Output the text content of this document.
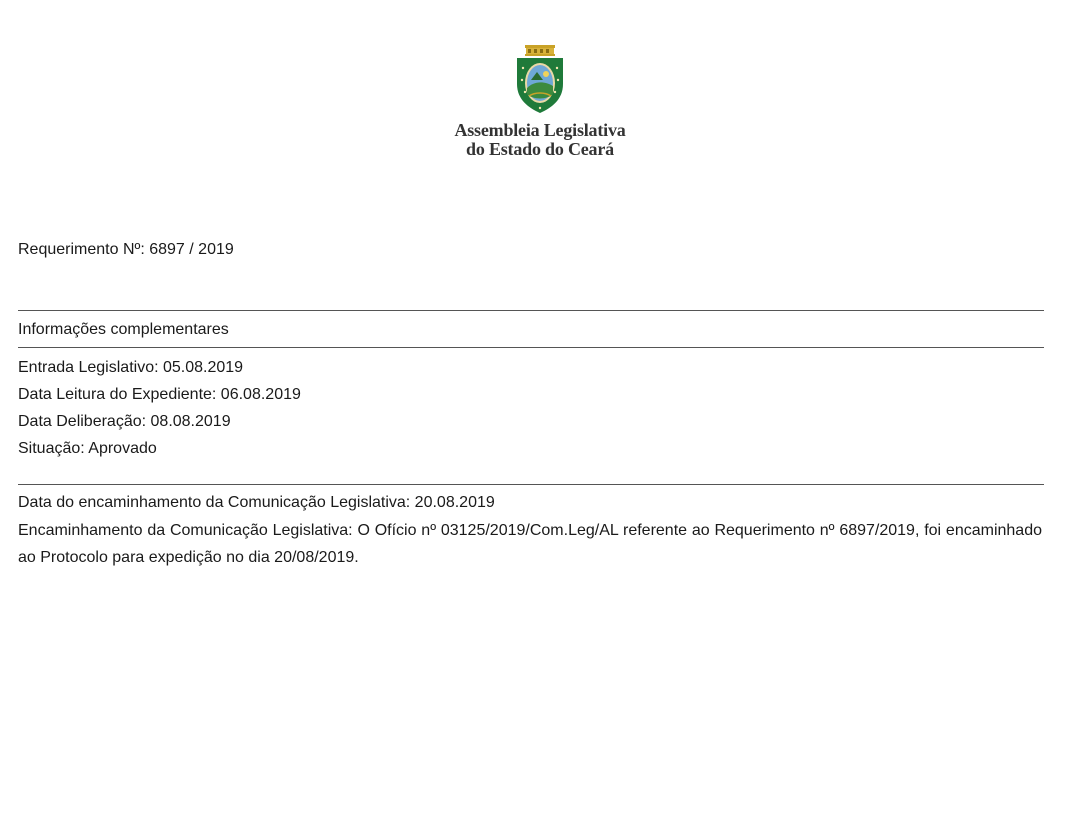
Assembleia Legislativa
do Estado do Ceará
Requerimento Nº: 6897 / 2019
Informações complementares
Entrada Legislativo: 05.08.2019
Data Leitura do Expediente: 06.08.2019
Data Deliberação: 08.08.2019
Situação: Aprovado
Data do encaminhamento da Comunicação Legislativa: 20.08.2019
Encaminhamento da Comunicação Legislativa: O Ofício nº 03125/2019/Com.Leg/AL referente ao Requerimento nº 6897/2019, foi encaminhado ao Protocolo para expedição no dia 20/08/2019.
